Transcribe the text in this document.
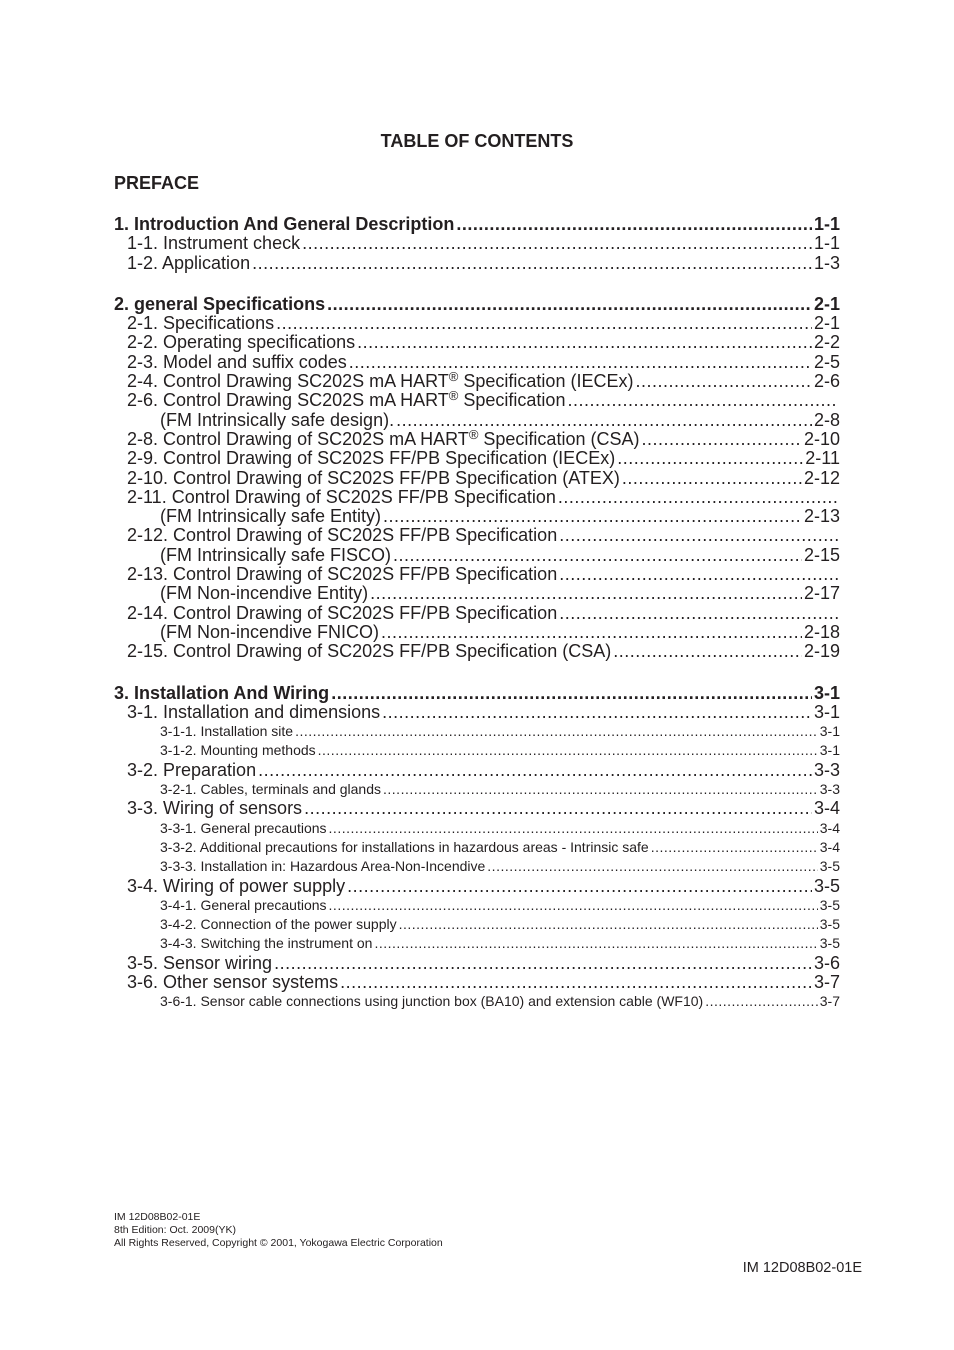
TABLE OF CONTENTS
PREFACE
1. Introduction And General Description .....	1-1
1-1. Instrument check .....	1-1
1-2. Application .....	1-3
2. general Specifications .....	2-1
2-1. Specifications .....	2-1
2-2. Operating specifications .....	2-2
2-3. Model and suffix codes .....	2-5
2-4. Control Drawing SC202S mA HART® Specification (IECEx) .....	2-6
2-6. Control Drawing SC202S mA HART® Specification
.....
(FM Intrinsically safe design). .....	2-8
2-8. Control Drawing of SC202S mA HART® Specification (CSA) .....	2-10
2-9. Control Drawing of SC202S FF/PB Specification (IECEx) .....	2-11
2-10. Control Drawing of SC202S FF/PB Specification (ATEX) .....	2-12
2-11. Control Drawing of SC202S FF/PB Specification
.....
(FM Intrinsically safe Entity) .....	2-13
2-12. Control Drawing of SC202S FF/PB Specification
.....
(FM Intrinsically safe FISCO) .....	2-15
2-13. Control Drawing of SC202S FF/PB Specification
.....
(FM Non-incendive Entity) .....	2-17
2-14. Control Drawing of SC202S FF/PB Specification
.....
(FM Non-incendive FNICO) .....	2-18
2-15. Control Drawing of SC202S FF/PB Specification (CSA) .....	2-19
3. Installation And Wiring .....	3-1
3-1. Installation and dimensions .....	3-1
3-1-1. Installation site .....	3-1
3-1-2. Mounting methods .....	3-1
3-2. Preparation .....	3-3
3-2-1. Cables, terminals and glands .....	3-3
3-3. Wiring of sensors .....	3-4
3-3-1. General precautions .....	3-4
3-3-2. Additional precautions for installations in hazardous areas - Intrinsic safe .....	3-4
3-3-3. Installation in: Hazardous Area-Non-Incendive .....	3-5
3-4. Wiring of power supply .....	3-5
3-4-1. General precautions .....	3-5
3-4-2. Connection of the power supply .....	3-5
3-4-3. Switching the instrument on .....	3-5
3-5. Sensor wiring .....	3-6
3-6. Other sensor systems .....	3-7
3-6-1. Sensor cable connections using junction box (BA10) and extension cable (WF10) .....	3-7
IM 12D08B02-01E
8th Edition: Oct. 2009(YK)
All Rights Reserved, Copyright © 2001, Yokogawa Electric Corporation
IM 12D08B02-01E
